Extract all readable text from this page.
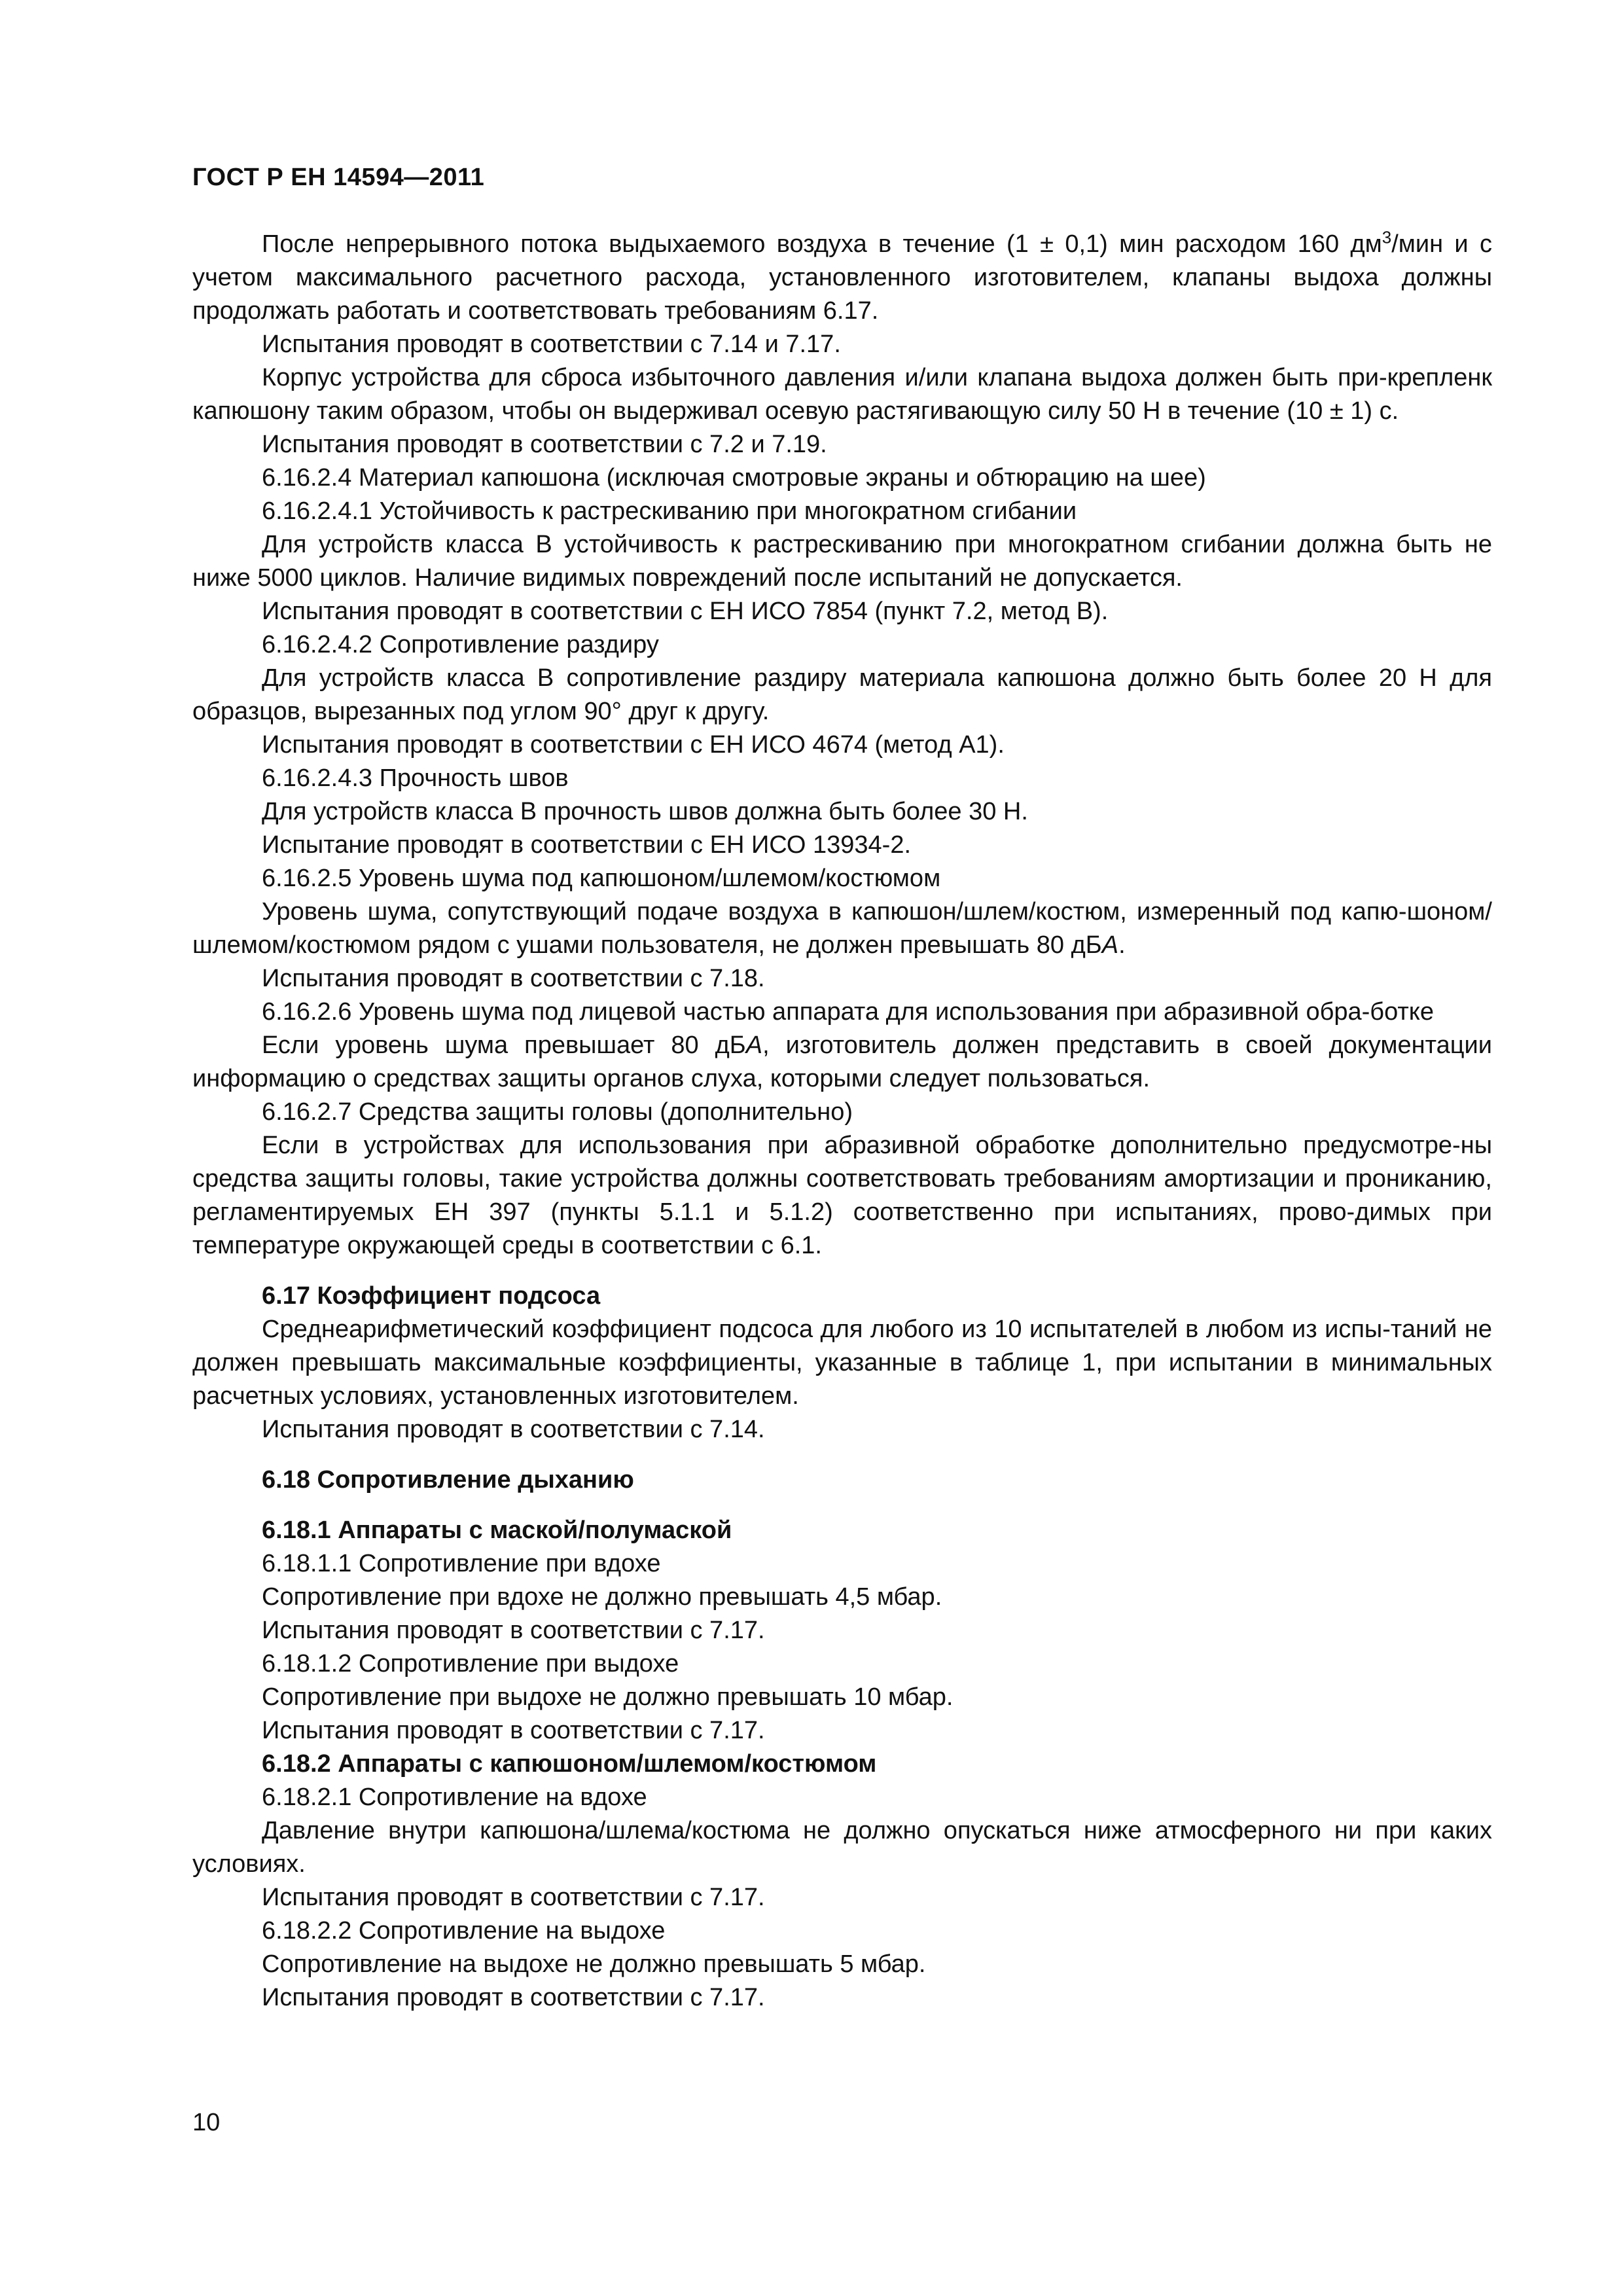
ГОСТ Р ЕН 14594—2011

После непрерывного потока выдыхаемого воздуха в течение (1 ± 0,1) мин расходом 160 $дм^3$/мин и с учетом максимального расчетного расхода, установленного изготовителем, клапаны выдоха должны продолжать работать и соответствовать требованиям 6.17.

Испытания проводят в соответствии с 7.14 и 7.17.

Корпус устройства для сброса избыточного давления и/или клапана выдоха должен быть при-крепленк капюшону таким образом, чтобы он выдерживал осевую растягивающую силу 50 Н в течение (10 ± 1) с.

Испытания проводят в соответствии с 7.2 и 7.19.

6.16.2.4 Материал капюшона (исключая смотровые экраны и обтюрацию на шее)

6.16.2.4.1 Устойчивость к растрескиванию при многократном сгибании

Для устройств класса В устойчивость к растрескиванию при многократном сгибании должна быть не ниже 5000 циклов. Наличие видимых повреждений после испытаний не допускается.

Испытания проводят в соответствии с ЕН ИСО 7854 (пункт 7.2, метод В).

6.16.2.4.2 Сопротивление раздиру

Для устройств класса В сопротивление раздиру материала капюшона должно быть более 20 Н для образцов, вырезанных под углом 90° друг к другу.

Испытания проводят в соответствии с ЕН ИСО 4674 (метод А1).

6.16.2.4.3 Прочность швов

Для устройств класса В прочность швов должна быть более 30 Н.

Испытание проводят в соответствии с ЕН ИСО 13934-2.

6.16.2.5 Уровень шума под капюшоном/шлемом/костюмом

Уровень шума, сопутствующий подаче воздуха в капюшон/шлем/костюм, измеренный под капю-шоном/шлемом/костюмом рядом с ушами пользователя, не должен превышать 80 дБА.

Испытания проводят в соответствии с 7.18.

6.16.2.6 Уровень шума под лицевой частью аппарата для использования при абразивной обра-ботке

Если уровень шума превышает 80 дБА, изготовитель должен представить в своей документации информацию о средствах защиты органов слуха, которыми следует пользоваться.

6.16.2.7 Средства защиты головы (дополнительно)

Если в устройствах для использования при абразивной обработке дополнительно предусмотре-ны средства защиты головы, такие устройства должны соответствовать требованиям амортизации и прониканию, регламентируемых ЕН 397 (пункты 5.1.1 и 5.1.2) соответственно при испытаниях, прово-димых при температуре окружающей среды в соответствии с 6.1.

6.17 Коэффициент подсоса

Среднеарифметический коэффициент подсоса для любого из 10 испытателей в любом из испы-таний не должен превышать максимальные коэффициенты, указанные в таблице 1, при испытании в минимальных расчетных условиях, установленных изготовителем.

Испытания проводят в соответствии с 7.14.

6.18 Сопротивление дыханию

6.18.1 Аппараты с маской/полумаской

6.18.1.1 Сопротивление при вдохе

Сопротивление при вдохе не должно превышать 4,5 мбар.

Испытания проводят в соответствии с 7.17.

6.18.1.2 Сопротивление при выдохе

Сопротивление при выдохе не должно превышать 10 мбар.

Испытания проводят в соответствии с 7.17.

6.18.2 Аппараты с капюшоном/шлемом/костюмом

6.18.2.1 Сопротивление на вдохе

Давление внутри капюшона/шлема/костюма не должно опускаться ниже атмосферного ни при каких условиях.

Испытания проводят в соответствии с 7.17.

6.18.2.2 Сопротивление на выдохе

Сопротивление на выдохе не должно превышать 5 мбар.

Испытания проводят в соответствии с 7.17.

10
